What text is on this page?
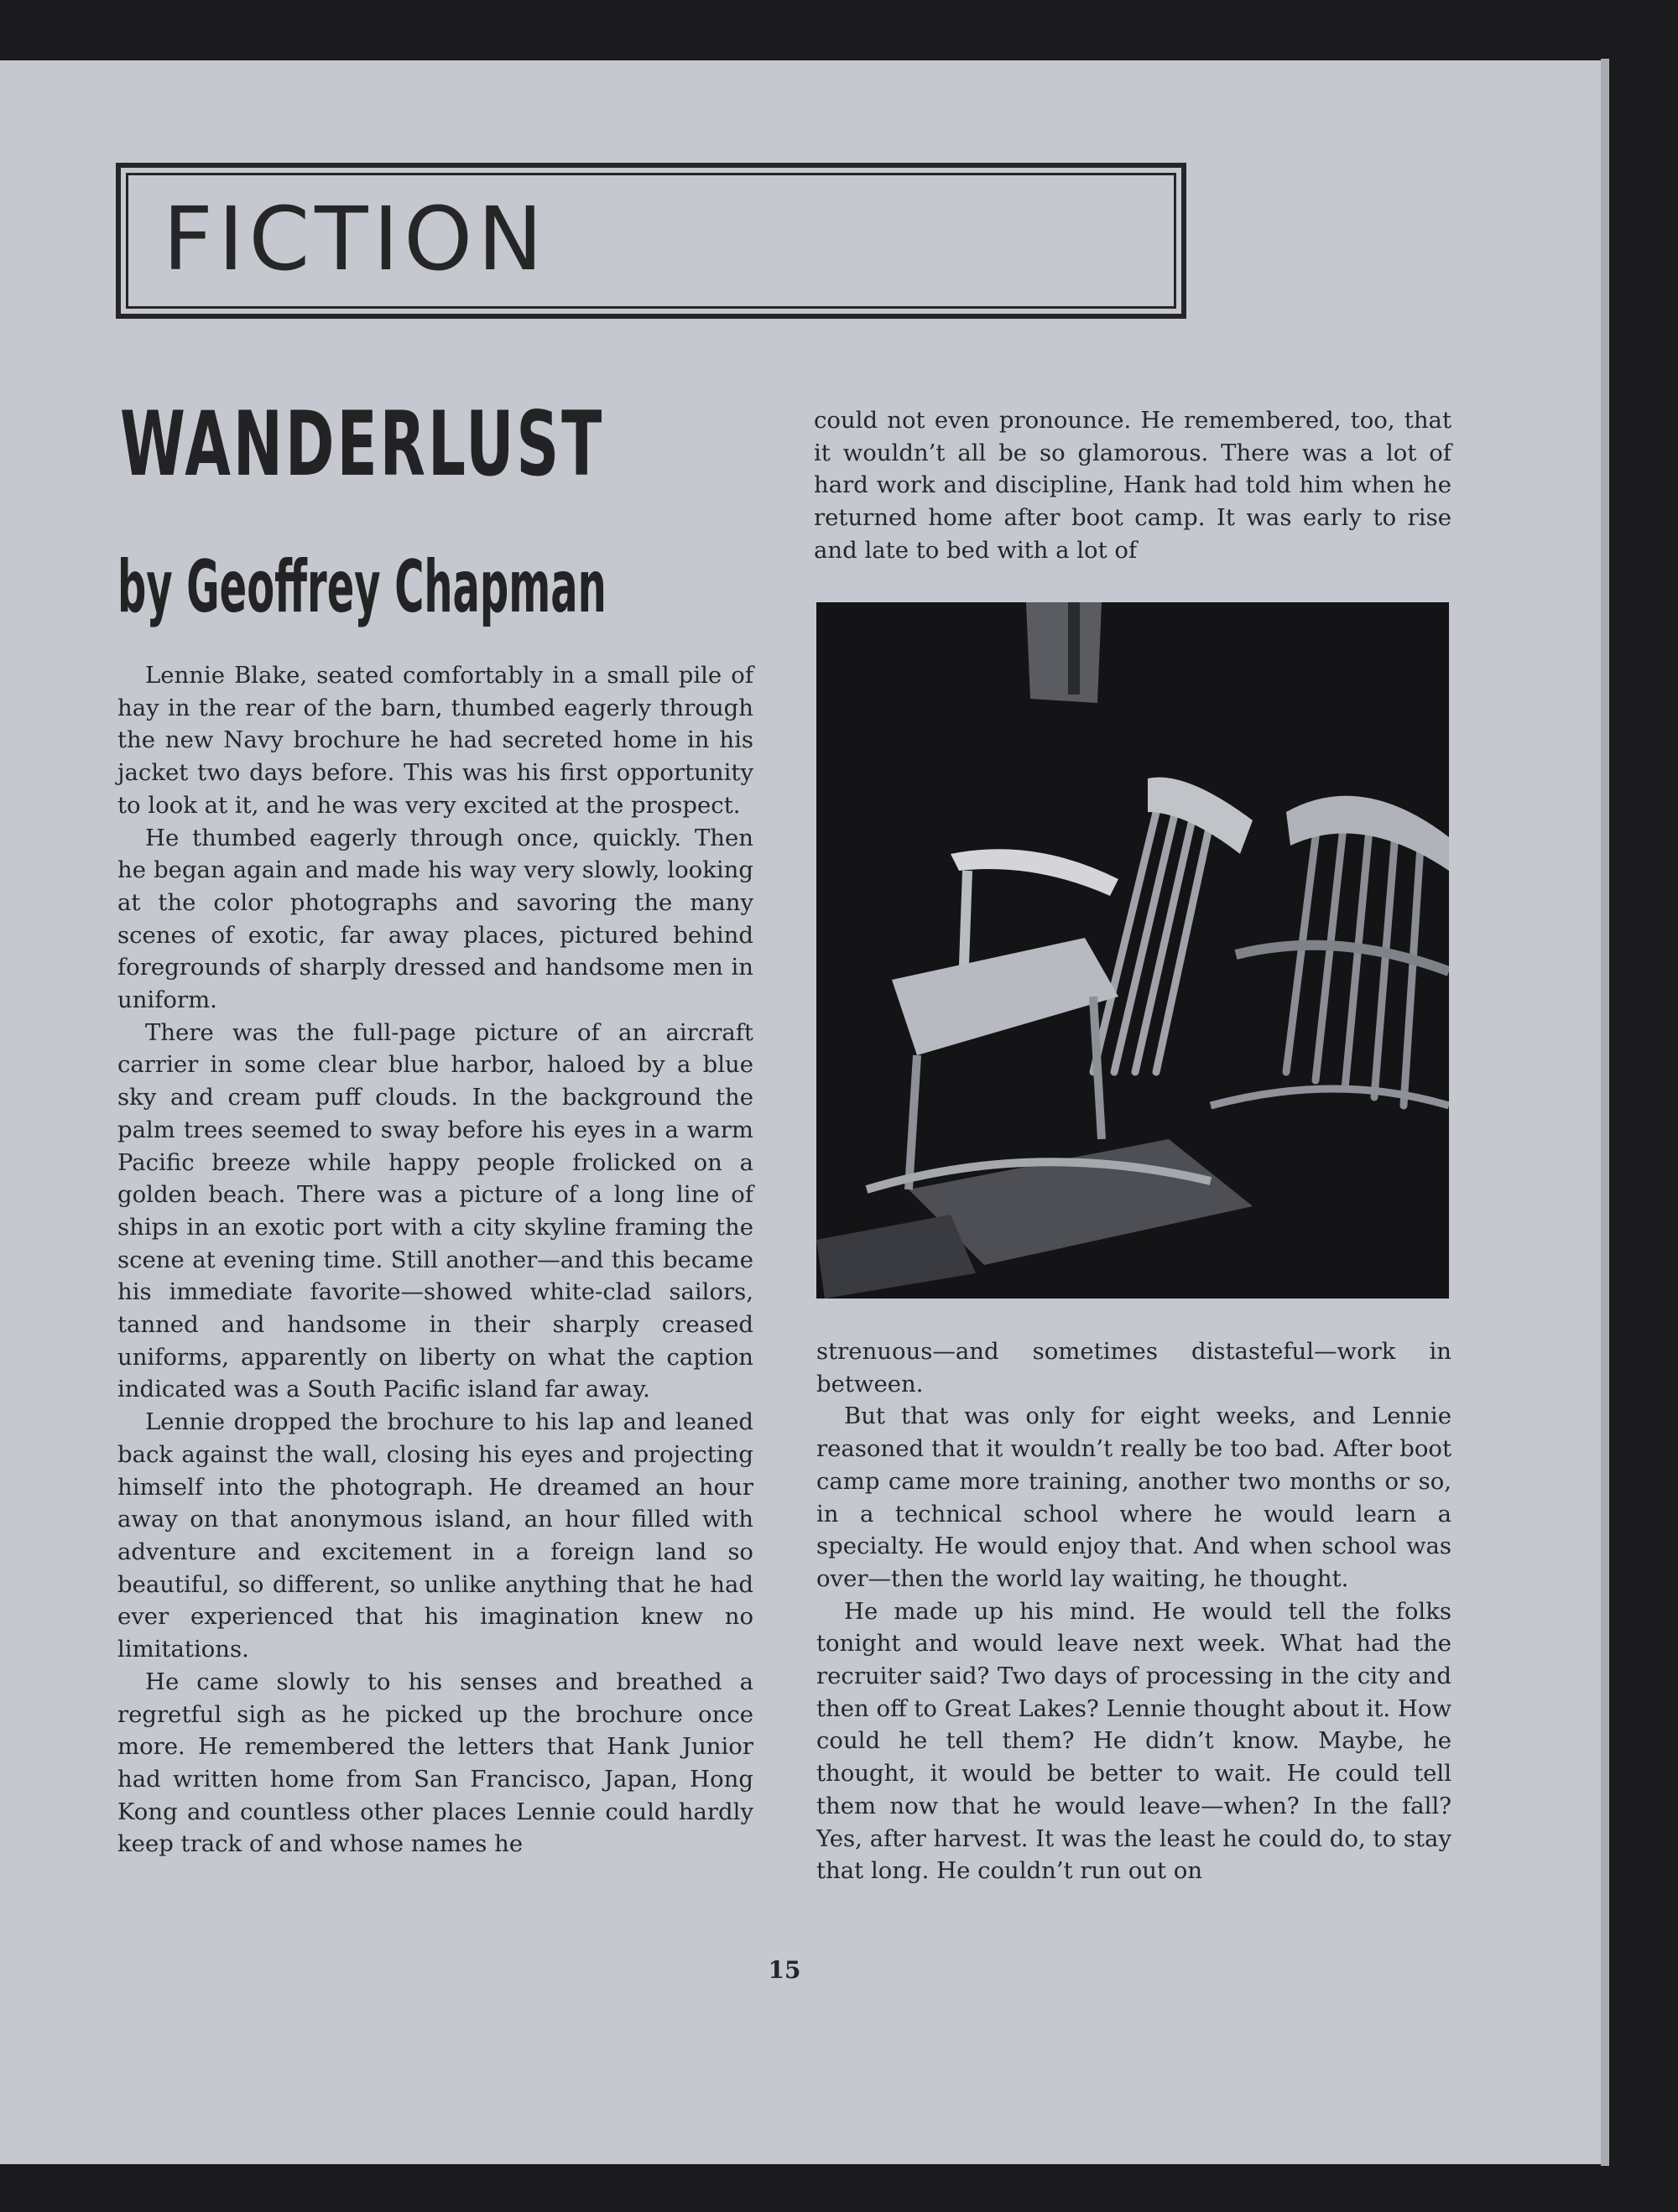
FICTION
WANDERLUST
by Geoffrey Chapman

Lennie Blake, seated comfortably in a small pile of hay in the rear of the barn, thumbed eagerly through the new Navy brochure he had secreted home in his jacket two days before. This was his first opportunity to look at it, and he was very excited at the prospect.

He thumbed eagerly through once, quickly. Then he began again and made his way very slowly, looking at the color photographs and savoring the many scenes of exotic, far away places, pictured behind foregrounds of sharply dressed and handsome men in uniform.

There was the full-page picture of an aircraft carrier in some clear blue harbor, haloed by a blue sky and cream puff clouds. In the background the palm trees seemed to sway before his eyes in a warm Pacific breeze while happy people frolicked on a golden beach. There was a picture of a long line of ships in an exotic port with a city skyline framing the scene at evening time. Still another—and this became his immediate favorite—showed white-clad sailors, tanned and handsome in their sharply creased uniforms, apparently on liberty on what the caption indicated was a South Pacific island far away.

Lennie dropped the brochure to his lap and leaned back against the wall, closing his eyes and projecting himself into the photograph. He dreamed an hour away on that anonymous island, an hour filled with adventure and excitement in a foreign land so beautiful, so different, so unlike anything that he had ever experienced that his imagination knew no limitations.

He came slowly to his senses and breathed a regretful sigh as he picked up the brochure once more. He remembered the letters that Hank Junior had written home from San Francisco, Japan, Hong Kong and countless other places Lennie could hardly keep track of and whose names he

could not even pronounce. He remembered, too, that it wouldn’t all be so glamorous. There was a lot of hard work and discipline, Hank had told him when he returned home after boot camp. It was early to rise and late to bed with a lot of

strenuous—and sometimes distasteful—work in between.

But that was only for eight weeks, and Lennie reasoned that it wouldn’t really be too bad. After boot camp came more training, another two months or so, in a technical school where he would learn a specialty. He would enjoy that. And when school was over—then the world lay waiting, he thought.

He made up his mind. He would tell the folks tonight and would leave next week. What had the recruiter said? Two days of processing in the city and then off to Great Lakes? Lennie thought about it. How could he tell them? He didn’t know. Maybe, he thought, it would be better to wait. He could tell them now that he would leave—when? In the fall? Yes, after harvest. It was the least he could do, to stay that long. He couldn’t run out on

15
